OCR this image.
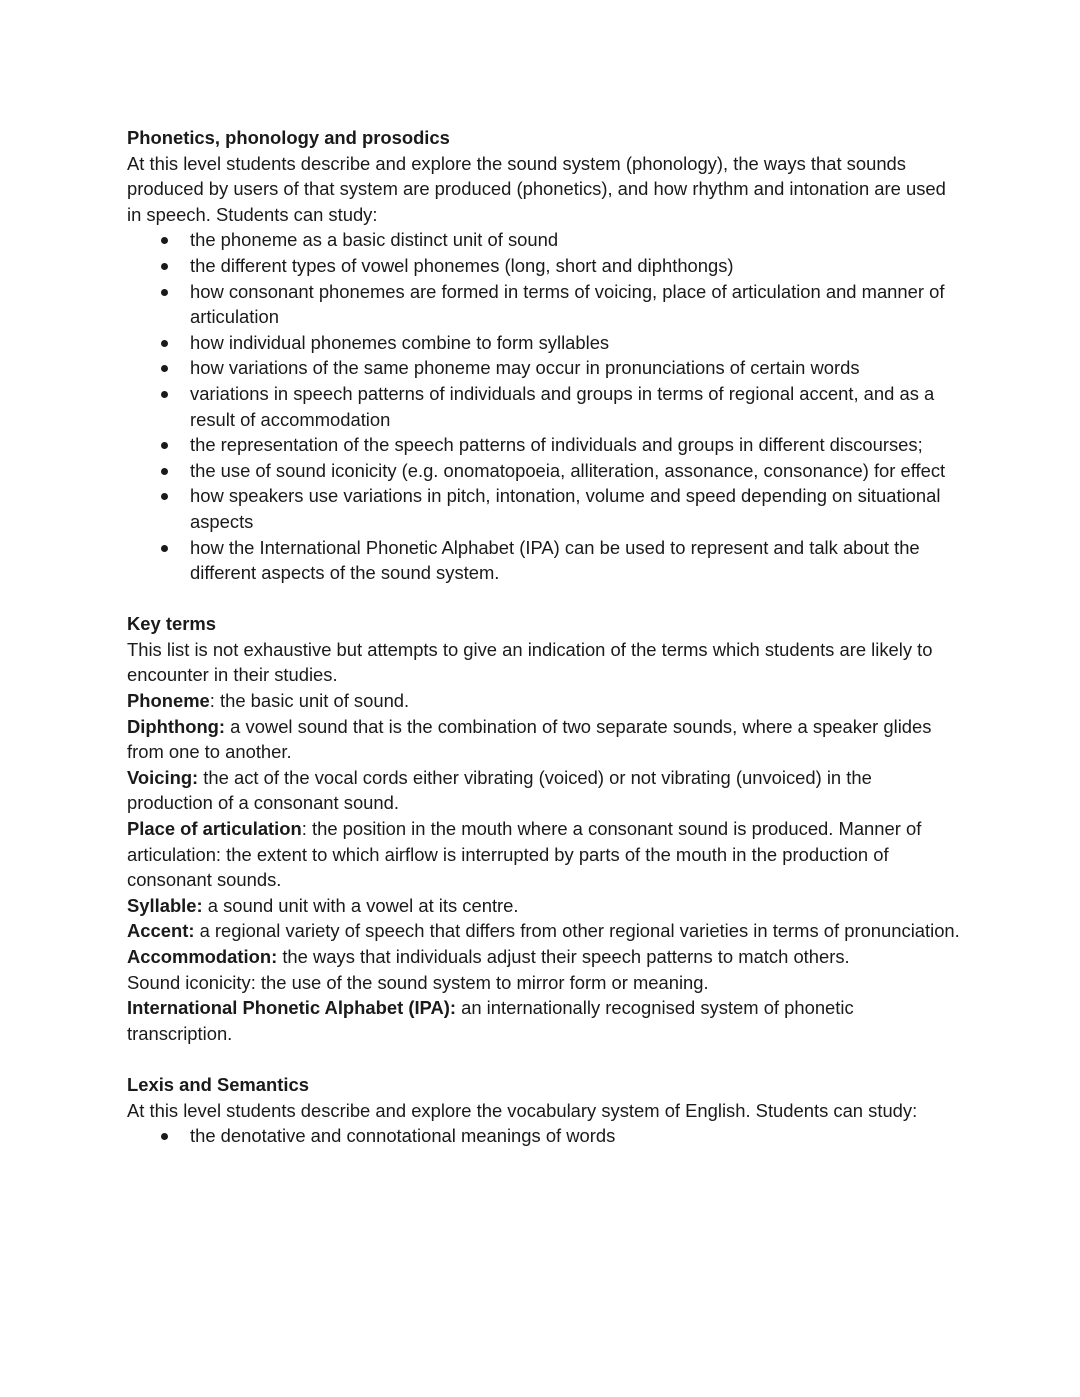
Phonetics, phonology and prosodics

At this level students describe and explore the sound system (phonology), the ways that sounds produced by users of that system are produced (phonetics), and how rhythm and intonation are used in speech. Students can study:

the phoneme as a basic distinct unit of sound
the different types of vowel phonemes (long, short and diphthongs)
how consonant phonemes are formed in terms of voicing, place of articulation and manner of articulation
how individual phonemes combine to form syllables
how variations of the same phoneme may occur in pronunciations of certain words
variations in speech patterns of individuals and groups in terms of regional accent, and as a result of accommodation
the representation of the speech patterns of individuals and groups in different discourses;
the use of sound iconicity (e.g. onomatopoeia, alliteration, assonance, consonance) for effect
how speakers use variations in pitch, intonation, volume and speed depending on situational aspects
how the International Phonetic Alphabet (IPA) can be used to represent and talk about the different aspects of the sound system.

Key terms

This list is not exhaustive but attempts to give an indication of the terms which students are likely to encounter in their studies.

Phoneme: the basic unit of sound.

Diphthong: a vowel sound that is the combination of two separate sounds, where a speaker glides from one to another.

Voicing: the act of the vocal cords either vibrating (voiced) or not vibrating (unvoiced) in the production of a consonant sound.

Place of articulation: the position in the mouth where a consonant sound is produced. Manner of articulation: the extent to which airflow is interrupted by parts of the mouth in the production of consonant sounds.

Syllable: a sound unit with a vowel at its centre.

Accent: a regional variety of speech that differs from other regional varieties in terms of pronunciation.

Accommodation: the ways that individuals adjust their speech patterns to match others.

Sound iconicity: the use of the sound system to mirror form or meaning.

International Phonetic Alphabet (IPA): an internationally recognised system of phonetic transcription.

Lexis and Semantics

At this level students describe and explore the vocabulary system of English. Students can study:

the denotative and connotational meanings of words
